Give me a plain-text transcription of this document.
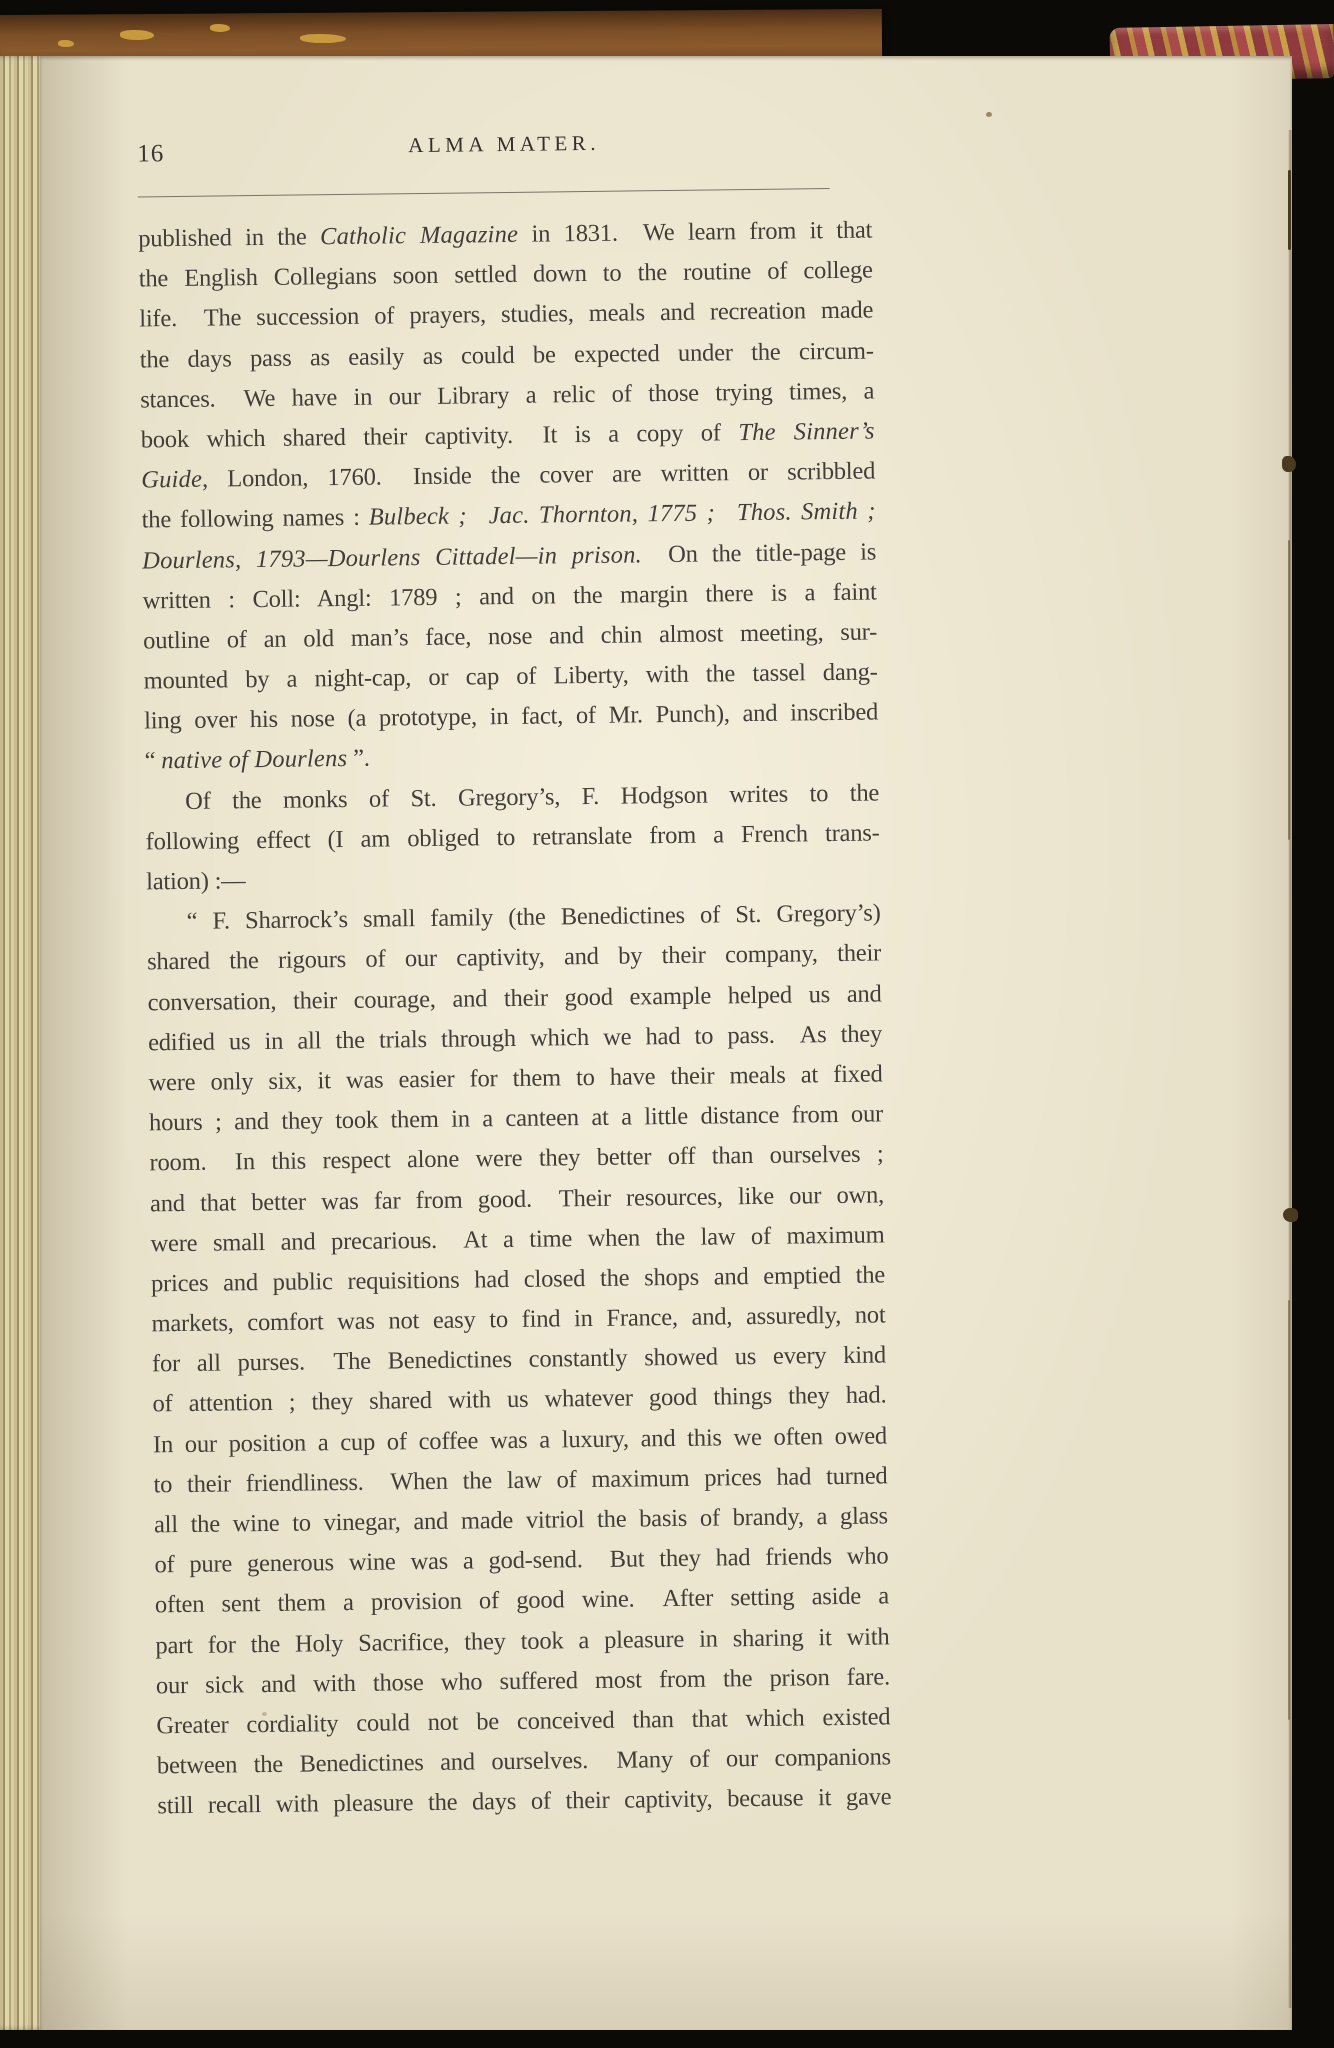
16	ALMA MATER.
published in the Catholic Magazine in 1831.  We learn from it that
the English Collegians soon settled down to the routine of college
life.  The succession of prayers, studies, meals and recreation made
the days pass as easily as could be expected under the circum-
stances.  We have in our Library a relic of those trying times, a
book which shared their captivity.  It is a copy of The Sinner’s
Guide, London, 1760.  Inside the cover are written or scribbled
the following names : Bulbeck ;  Jac. Thornton, 1775 ;  Thos. Smith ;
Dourlens, 1793—Dourlens Cittadel—in prison.  On the title-page is
written : Coll: Angl: 1789 ; and on the margin there is a faint
outline of an old man’s face, nose and chin almost meeting, sur-
mounted by a night-cap, or cap of Liberty, with the tassel dang-
ling over his nose (a prototype, in fact, of Mr. Punch), and inscribed
“ native of Dourlens ”.
Of the monks of St. Gregory’s, F. Hodgson writes to the
following effect (I am obliged to retranslate from a French trans-
lation) :—
“ F. Sharrock’s small family (the Benedictines of St. Gregory’s)
shared the rigours of our captivity, and by their company, their
conversation, their courage, and their good example helped us and
edified us in all the trials through which we had to pass.  As they
were only six, it was easier for them to have their meals at fixed
hours ; and they took them in a canteen at a little distance from our
room.  In this respect alone were they better off than ourselves ;
and that better was far from good.  Their resources, like our own,
were small and precarious.  At a time when the law of maximum
prices and public requisitions had closed the shops and emptied the
markets, comfort was not easy to find in France, and, assuredly, not
for all purses.  The Benedictines constantly showed us every kind
of attention ; they shared with us whatever good things they had.
In our position a cup of coffee was a luxury, and this we often owed
to their friendliness.  When the law of maximum prices had turned
all the wine to vinegar, and made vitriol the basis of brandy, a glass
of pure generous wine was a god-send.  But they had friends who
often sent them a provision of good wine.  After setting aside a
part for the Holy Sacrifice, they took a pleasure in sharing it with
our sick and with those who suffered most from the prison fare.
Greater cordiality could not be conceived than that which existed
between the Benedictines and ourselves.  Many of our companions
still recall with pleasure the days of their captivity, because it gave
